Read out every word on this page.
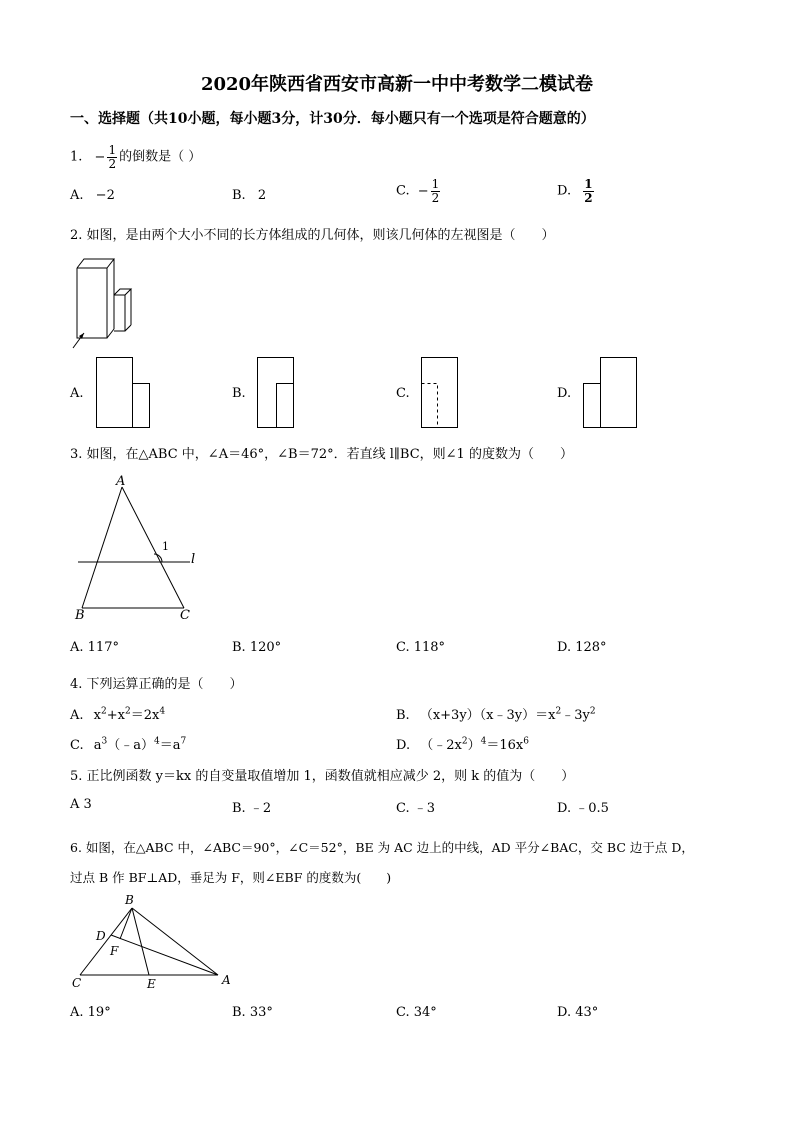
2020年陕西省西安市高新一中中考数学二模试卷
一、选择题（共10小题，每小题3分，计30分．每小题只有一个选项是符合题意的）
1. − $\frac{1}{2}$ 的倒数是（ ）
A. −2	B. 2	C. − $\frac{1}{2}$	D. $\frac{1}{2}$
2. 如图，是由两个大小不同的长方体组成的几何体，则该几何体的左视图是（　　）
A.	B.	C.	D.
3. 如图，在△ABC 中，∠A＝46°，∠B＝72°．若直线 l∥BC，则∠1 的度数为（　　）
A
1
l
B	C
A. 117°	B. 120°	C. 118°	D. 128°
4. 下列运算正确的是（　　）
A. $x^2+x^2=2x^4$	B. $(x+3y)(x﹣3y)=x^2﹣3y^2$
C. $a^3(﹣a)^4=a^7$	D. $(﹣2x^2)^4=16x^6$
5. 正比例函数 y＝kx 的自变量取值增加 1，函数值就相应减少 2，则 k 的值为（　　）
A 3	B. ﹣2	C. ﹣3	D. ﹣0.5
6. 如图，在△ABC 中，∠ABC＝90°，∠C＝52°，BE 为 AC 边上的中线，AD 平分∠BAC，交 BC 边于点 D，
过点 B 作 BF⊥AD，垂足为 F，则∠EBF 的度数为(　　)
B
D
F
C	E	A
A. 19°	B. 33°	C. 34°	D. 43°
